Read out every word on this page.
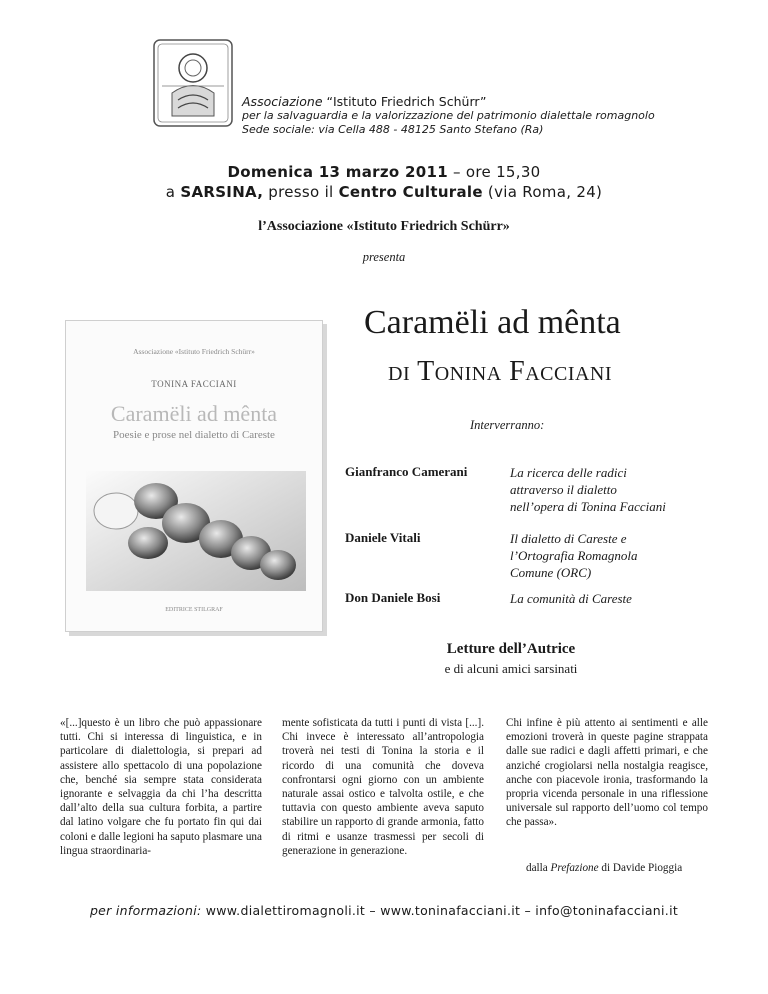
Associazione “Istituto Friedrich Schürr”
per la salvaguardia e la valorizzazione del patrimonio dialettale romagnolo
Sede sociale: via Cella 488 - 48125 Santo Stefano (Ra)
Domenica 13 marzo 2011 – ore 15,30
a SARSINA, presso il Centro Culturale (via Roma, 24)
l’Associazione «Istituto Friedrich Schürr»
presenta
Associazione «Istituto Friedrich Schürr»
TONINA FACCIANI
Caramëli ad mênta
Poesie e prose nel dialetto di Careste
EDITRICE STILGRAF
Caramëli ad mênta
di Tonina Facciani
Interverranno:
Gianfranco Camerani	La ricerca delle radici
attraverso il dialetto
nell’opera di Tonina Facciani
Daniele Vitali	Il dialetto di Careste e
l’Ortografia Romagnola
Comune (ORC)
Don Daniele Bosi	La comunità di Careste
Letture dell’Autrice
e di alcuni amici sarsinati
«[...]questo è un libro che può appassionare tutti. Chi si interessa di linguistica, e in particolare di dialettologia, si prepari ad assistere allo spettacolo di una popolazione che, benché sia sempre stata considerata ignorante e selvaggia da chi l’ha descritta dall’alto della sua cultura forbita, a partire dal latino volgare che fu portato fin qui dai coloni e dalle legioni ha saputo plasmare una lingua straordinaria-
mente sofisticata da tutti i punti di vista [...]. Chi invece è interessato all’antropologia troverà nei testi di Tonina la storia e il ricordo di una comunità che doveva confrontarsi ogni giorno con un ambiente naturale assai ostico e talvolta ostile, e che tuttavia con questo ambiente aveva saputo stabilire un rapporto di grande armonia, fatto di ritmi e usanze trasmessi per secoli di generazione in generazione.
Chi infine è più attento ai sentimenti e alle emozioni troverà in queste pagine strappata dalle sue radici e dagli affetti primari, e che anziché crogiolarsi nella nostalgia reagisce, anche con piacevole ironia, trasformando la propria vicenda personale in una riflessione universale sul rapporto dell’uomo col tempo che passa».
dalla Prefazione di Davide Pioggia
per informazioni: www.dialettiromagnoli.it – www.toninafacciani.it – info@toninafacciani.it
